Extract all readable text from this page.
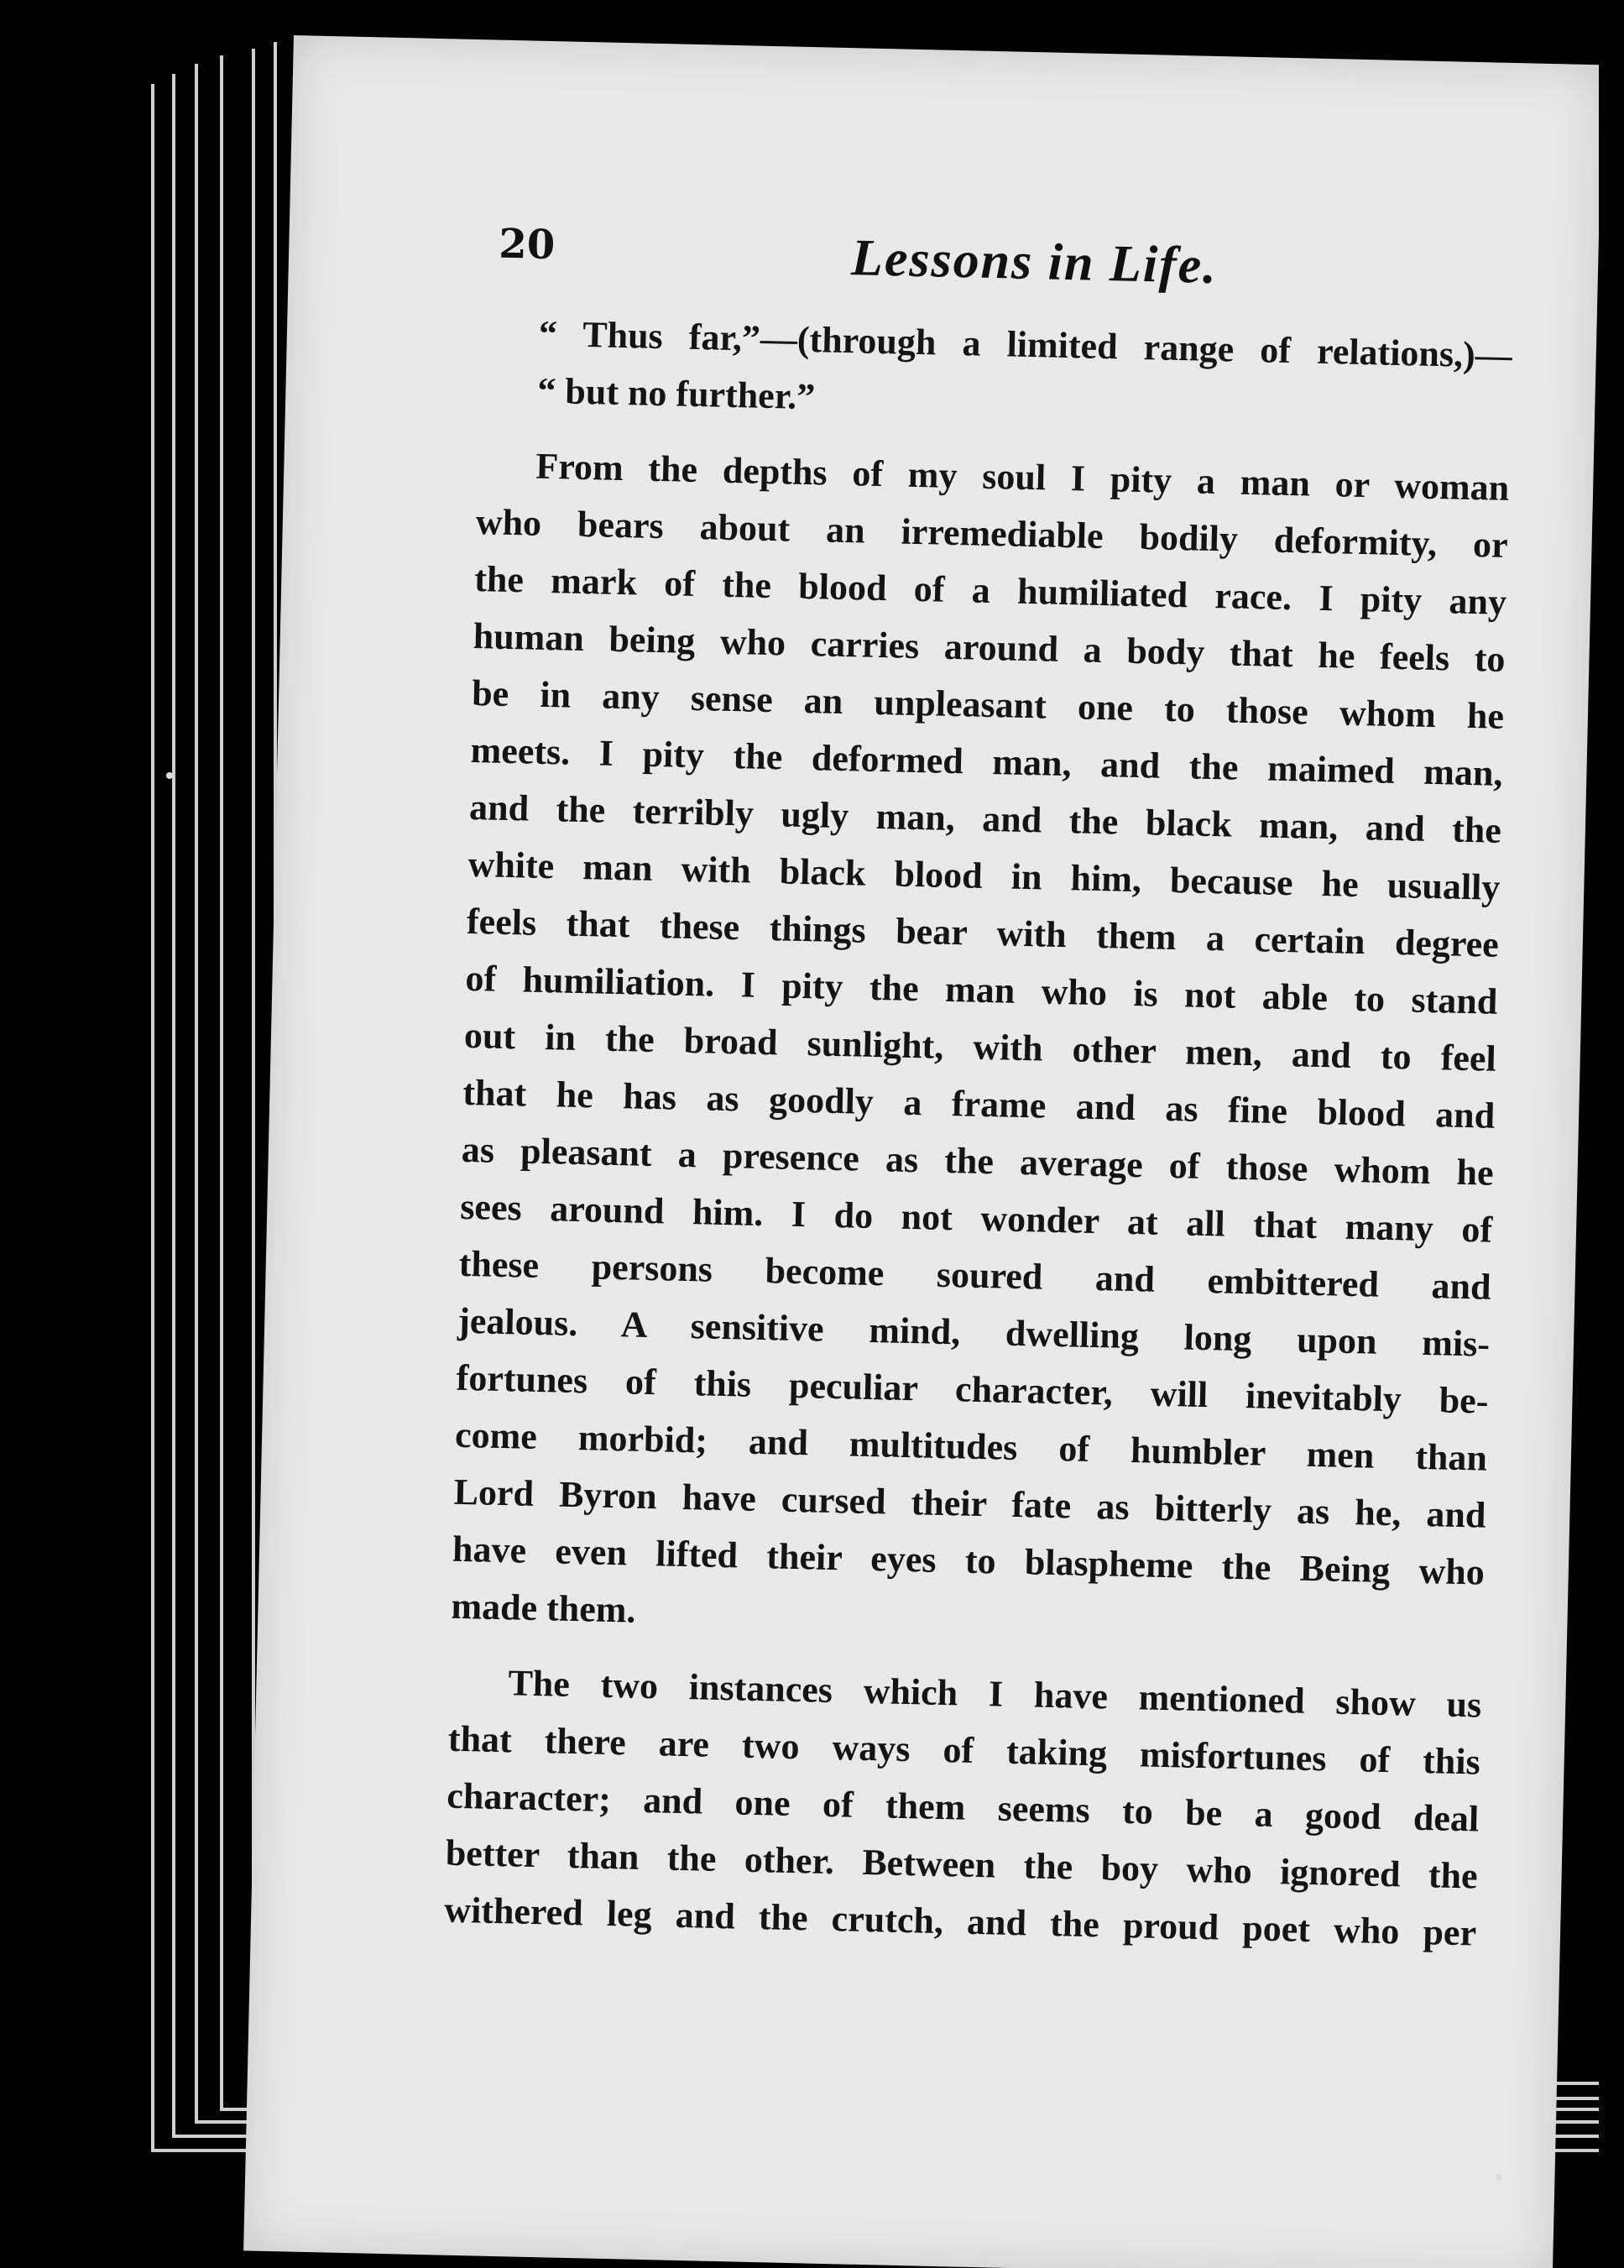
20	Lessons in Life.
“ Thus far,”—(through a limited range of relations,)—
“ but no further.”
From the depths of my soul I pity a man or woman
who bears about an irremediable bodily deformity, or
the mark of the blood of a humiliated race. I pity any
human being who carries around a body that he feels to
be in any sense an unpleasant one to those whom he
meets. I pity the deformed man, and the maimed man,
and the terribly ugly man, and the black man, and the
white man with black blood in him, because he usually
feels that these things bear with them a certain degree
of humiliation. I pity the man who is not able to stand
out in the broad sunlight, with other men, and to feel
that he has as goodly a frame and as fine blood and
as pleasant a presence as the average of those whom he
sees around him. I do not wonder at all that many of
these persons become soured and embittered and
jealous. A sensitive mind, dwelling long upon mis-
fortunes of this peculiar character, will inevitably be-
come morbid; and multitudes of humbler men than
Lord Byron have cursed their fate as bitterly as he, and
have even lifted their eyes to blaspheme the Being who
made them.
The two instances which I have mentioned show us
that there are two ways of taking misfortunes of this
character; and one of them seems to be a good deal
better than the other. Between the boy who ignored the
withered leg and the crutch, and the proud poet who per
